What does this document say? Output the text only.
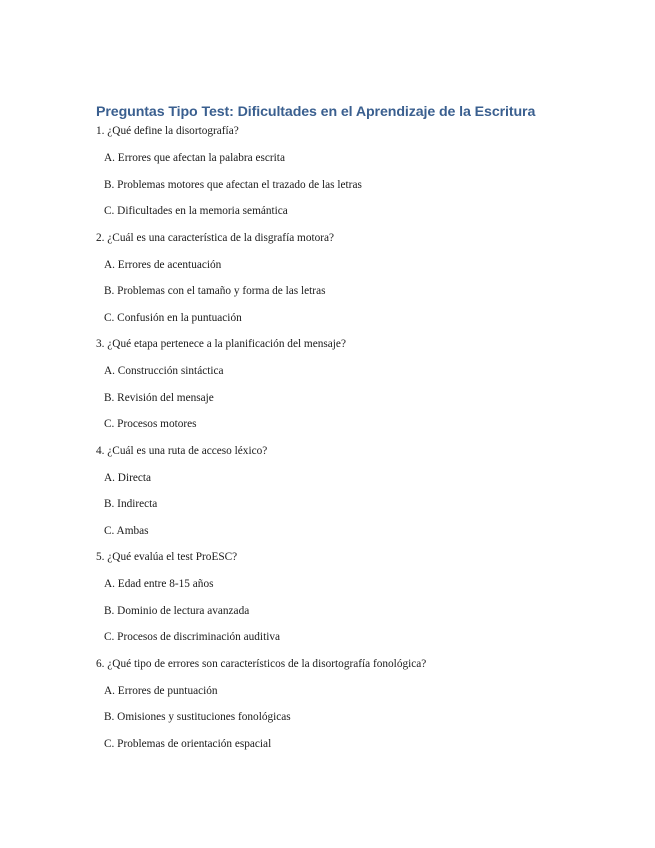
Preguntas Tipo Test: Dificultades en el Aprendizaje de la Escritura
1. ¿Qué define la disortografía?
A. Errores que afectan la palabra escrita
B. Problemas motores que afectan el trazado de las letras
C. Dificultades en la memoria semántica
2. ¿Cuál es una característica de la disgrafía motora?
A. Errores de acentuación
B. Problemas con el tamaño y forma de las letras
C. Confusión en la puntuación
3. ¿Qué etapa pertenece a la planificación del mensaje?
A. Construcción sintáctica
B. Revisión del mensaje
C. Procesos motores
4. ¿Cuál es una ruta de acceso léxico?
A. Directa
B. Indirecta
C. Ambas
5. ¿Qué evalúa el test ProESC?
A. Edad entre 8-15 años
B. Dominio de lectura avanzada
C. Procesos de discriminación auditiva
6. ¿Qué tipo de errores son característicos de la disortografía fonológica?
A. Errores de puntuación
B. Omisiones y sustituciones fonológicas
C. Problemas de orientación espacial
